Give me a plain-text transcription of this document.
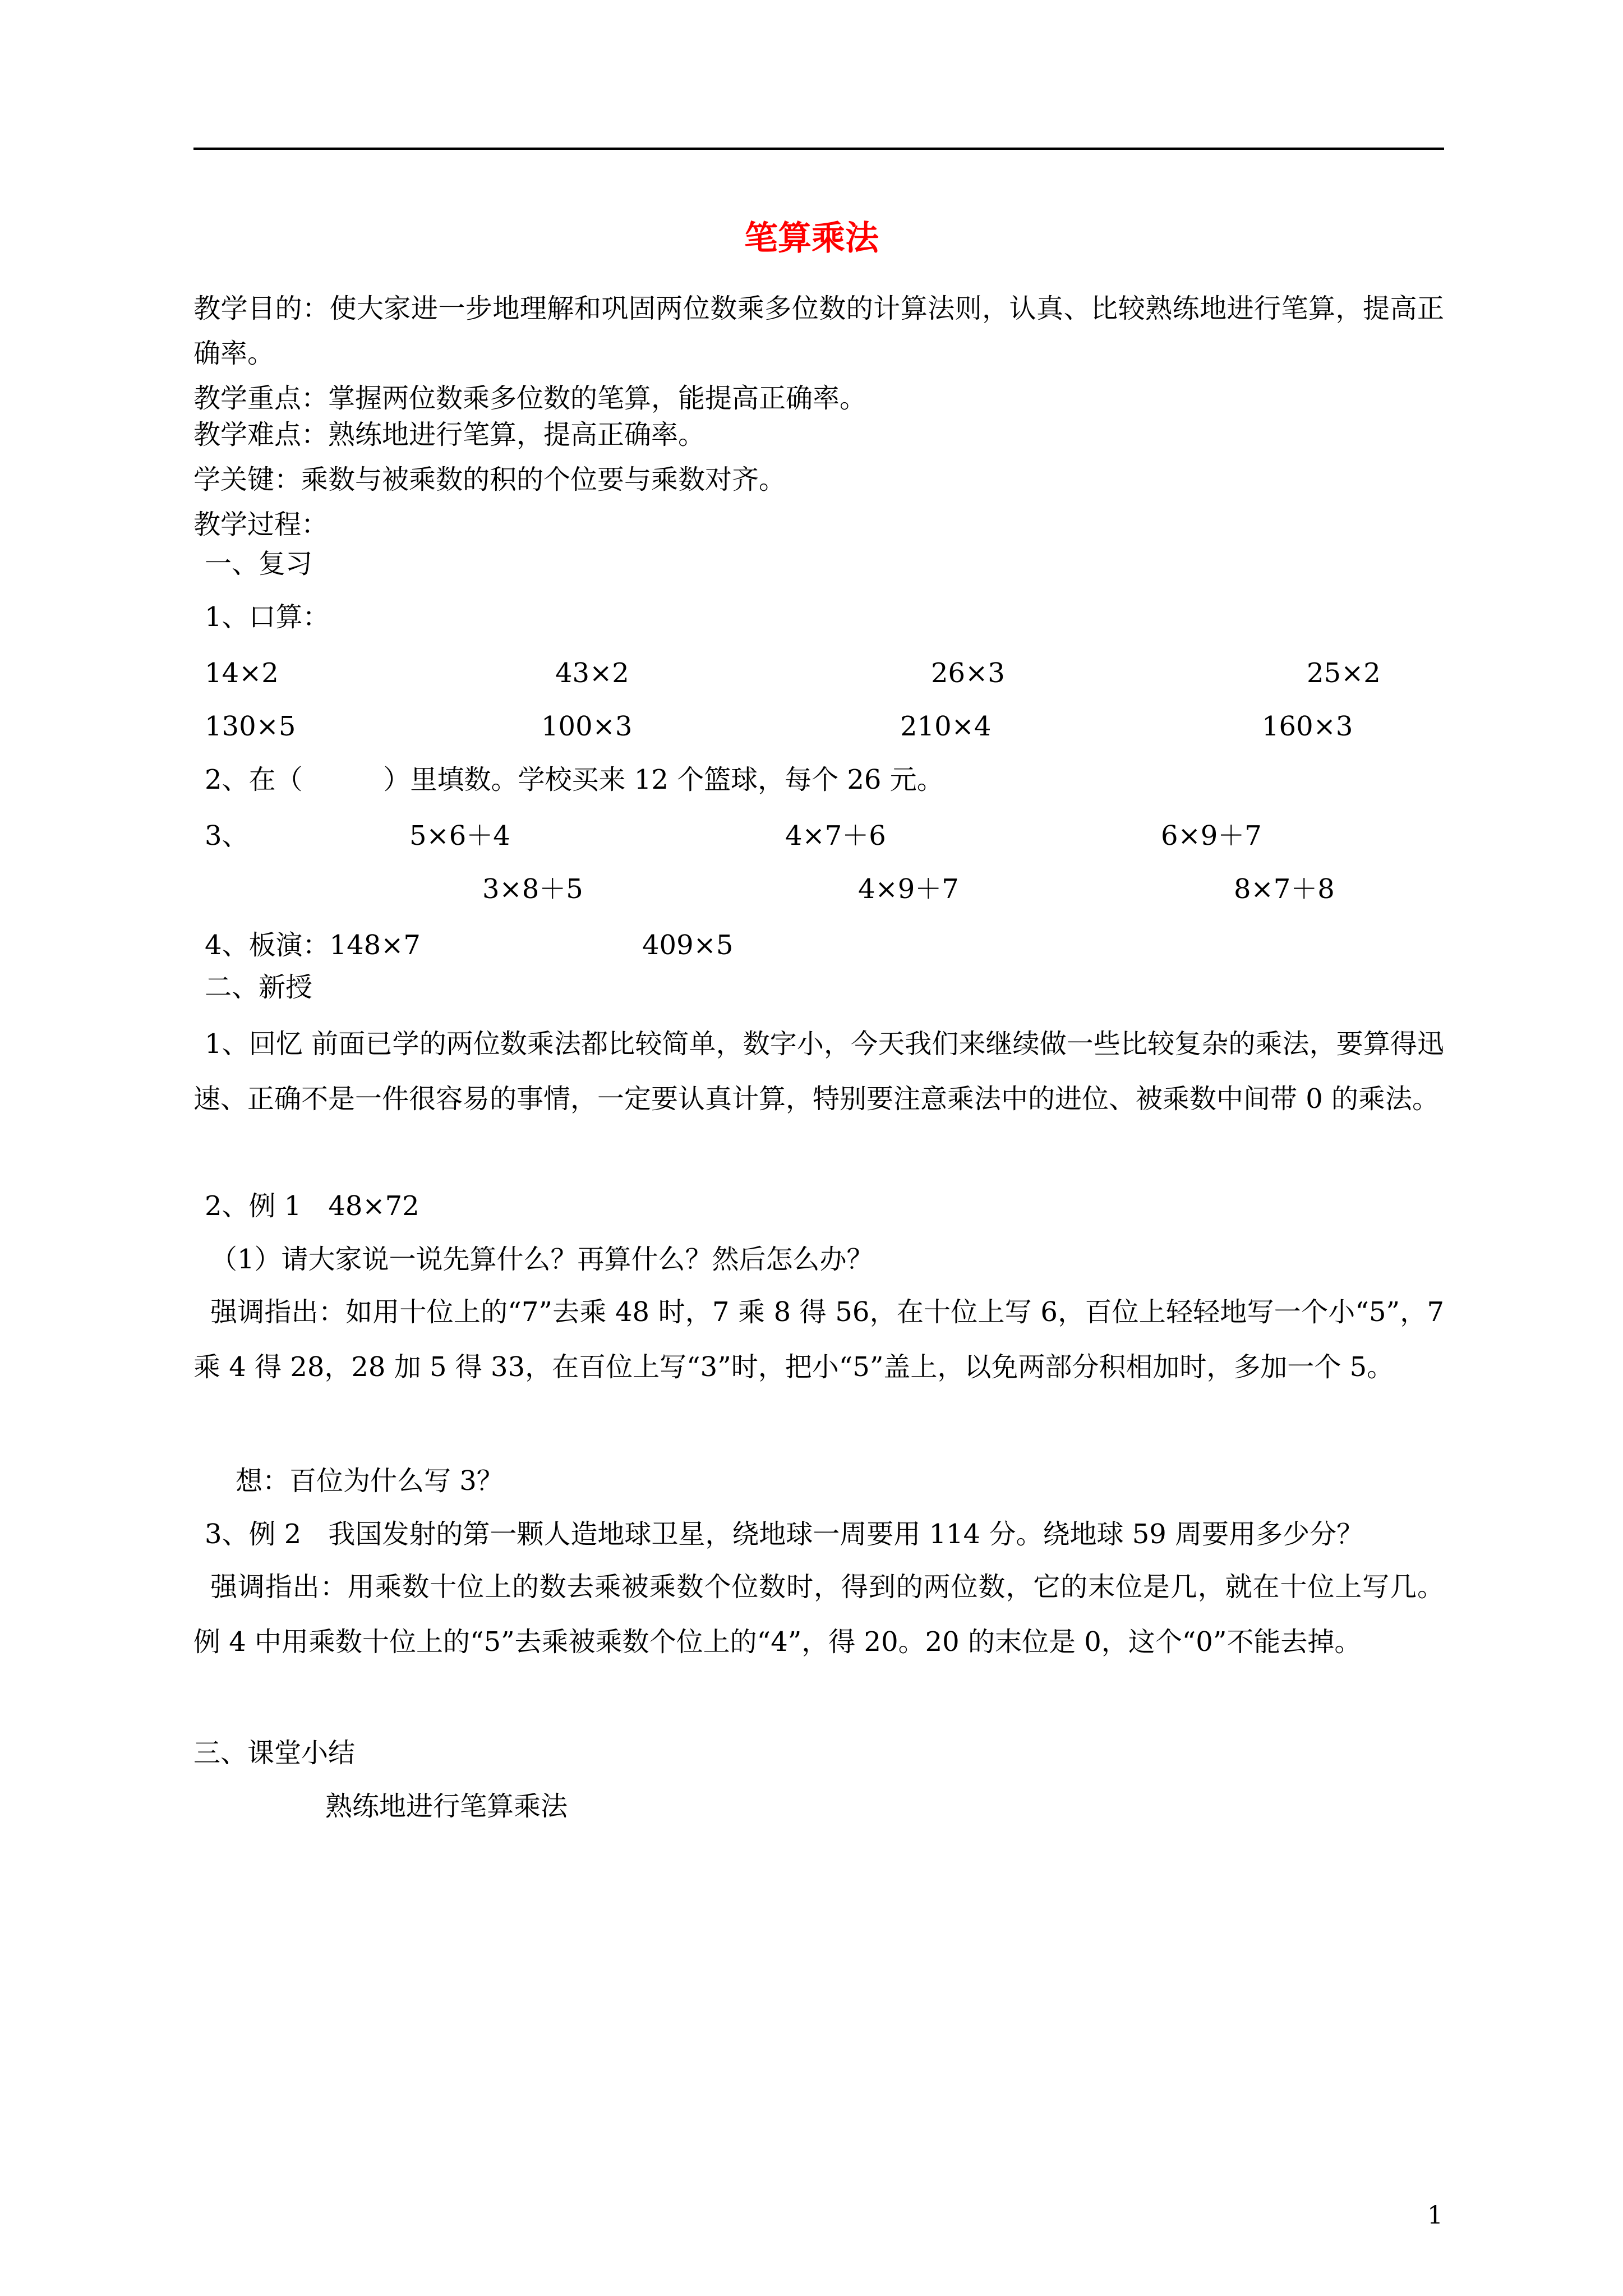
笔算乘法
教学目的：使大家进一步地理解和巩固两位数乘多位数的计算法则，认真、比较熟练地进行笔算，提高正确率。
教学重点：掌握两位数乘多位数的笔算，能提高正确率。
教学难点：熟练地进行笔算，提高正确率。
学关键：乘数与被乘数的积的个位要与乘数对齐。
教学过程：
一、复习
1、口算：
14×2	43×2	26×3	25×2
130×5	100×3	210×4	160×3
2、在（　　　）里填数。学校买来 12 个篮球，每个 26 元。
3、	5×6＋4	4×7＋6	6×9＋7
3×8＋5	4×9＋7	8×7＋8
4、板演：148×7	409×5
二、新授
1、回忆 前面已学的两位数乘法都比较简单，数字小，今天我们来继续做一些比较复杂的乘法，要算得迅速、正确不是一件很容易的事情，一定要认真计算，特别要注意乘法中的进位、被乘数中间带 0 的乘法。
2、例 1　48×72
（1）请大家说一说先算什么？再算什么？然后怎么办？
强调指出：如用十位上的“7”去乘 48 时，7 乘 8 得 56，在十位上写 6，百位上轻轻地写一个小“5”，7 乘 4 得 28，28 加 5 得 33，在百位上写“3”时，把小“5”盖上，以免两部分积相加时，多加一个 5。
想：百位为什么写 3？
3、例 2　我国发射的第一颗人造地球卫星，绕地球一周要用 114 分。绕地球 59 周要用多少分？
强调指出：用乘数十位上的数去乘被乘数个位数时，得到的两位数，它的末位是几，就在十位上写几。例 4 中用乘数十位上的“5”去乘被乘数个位上的“4”，得 20。20 的末位是 0，这个“0”不能去掉。
三、课堂小结
熟练地进行笔算乘法
1
